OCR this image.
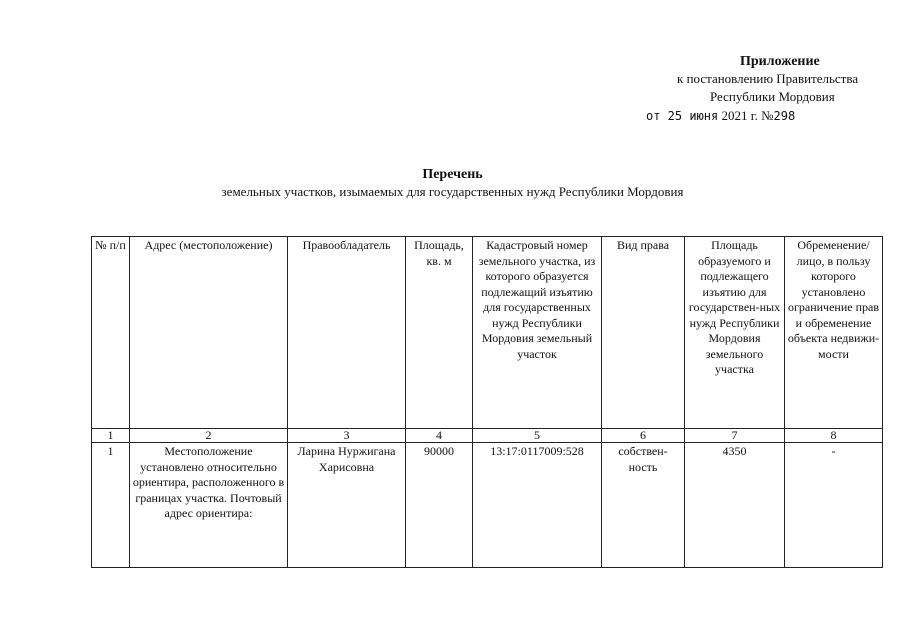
Приложение
к постановлению Правительства
Республики Мордовия
от 25 июня 2021 г. №298
Перечень
земельных участков, изымаемых для государственных нужд Республики Мордовия
№ п/п	Адрес (местоположение)	Правообладатель	Площадь, кв. м	Кадастровый номер земельного участка, из которого образуется подлежащий изъятию для государственных нужд Республики Мордовия земельный участок	Вид права	Площадь образуемого и подлежащего изъятию для государствен-ных нужд Республики Мордовия земельного участка	Обременение/ лицо, в пользу которого установлено ограничение прав и обременение объекта недвижи-мости
1	2	3	4	5	6	7	8
1	Местоположение установлено относительно ориентира, расположенного в границах участка. Почтовый адрес ориентира:	Ларина Нуржигана Харисовна	90000	13:17:0117009:528	собствен-ность	4350	-
